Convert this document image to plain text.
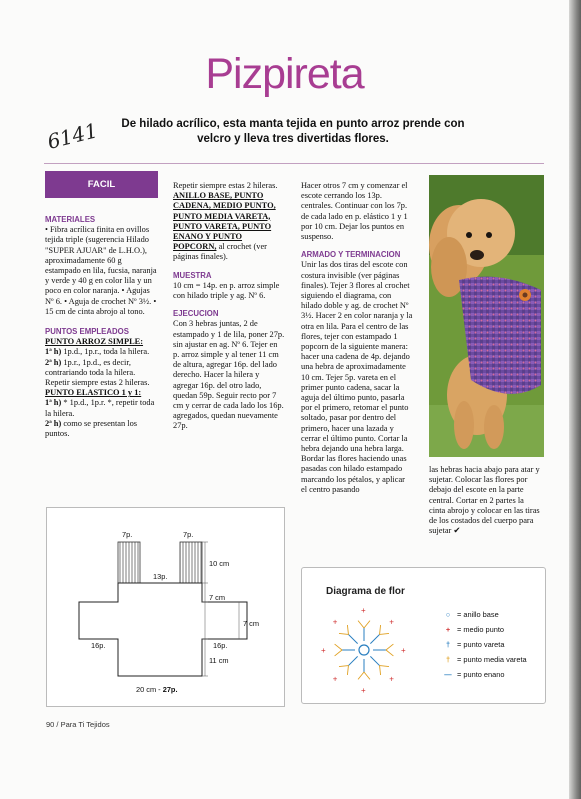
Pizpireta
De hilado acrílico, esta manta tejida en punto arroz prende con velcro y lleva tres divertidas flores.
6141
FACIL

MATERIALES

• Fibra acrílica finita en ovillos tejida triple (sugerencia Hilado "SUPER AJUAR" de L.H.O.), aproximadamente 60 g estampado en lila, fucsia, naranja y verde y 40 g en color lila y un poco en color naranja. • Agujas Nº 6. • Aguja de crochet Nº 3½. • 15 cm de cinta abrojo al tono.

PUNTOS EMPLEADOS

PUNTO ARROZ SIMPLE:

1ª h) 1p.d., 1p.r., toda la hilera.

2ª h) 1p.r., 1p.d., es decir, contrariando toda la hilera. Repetir siempre estas 2 hileras.

PUNTO ELASTICO 1 y 1:

1ª h) * 1p.d., 1p.r. *, repetir toda la hilera.

2ª h) como se presentan los puntos.

Repetir siempre estas 2 hileras.

ANILLO BASE, PUNTO CADENA, MEDIO PUNTO, PUNTO MEDIA VARETA, PUNTO VARETA, PUNTO ENANO Y PUNTO POPCORN, al crochet (ver páginas finales).

MUESTRA

10 cm = 14p. en p. arroz simple con hilado triple y ag. Nº 6.

EJECUCION

Con 3 hebras juntas, 2 de estampado y 1 de lila, poner 27p. sin ajustar en ag. Nº 6. Tejer en p. arroz simple y al tener 11 cm de altura, agregar 16p. del lado derecho. Hacer la hilera y agregar 16p. del otro lado, quedan 59p. Seguir recto por 7 cm y cerrar de cada lado los 16p. agregados, quedan nuevamente 27p.

Hacer otros 7 cm y comenzar el escote cerrando los 13p. centrales. Continuar con los 7p. de cada lado en p. elástico 1 y 1 por 10 cm. Dejar los puntos en suspenso.

ARMADO Y TERMINACION

Unir las dos tiras del escote con costura invisible (ver páginas finales). Tejer 3 flores al crochet siguiendo el diagrama, con hilado doble y ag. de crochet Nº 3½. Hacer 2 en color naranja y la otra en lila. Para el centro de las flores, tejer con estampado 1 popcorn de la siguiente manera: hacer una cadena de 4p. dejando una hebra de aproximadamente 10 cm. Tejer 5p. vareta en el primer punto cadena, sacar la aguja del último punto, pasarla por el primero, retomar el punto soltado, pasar por dentro del primero, hacer una lazada y cerrar el último punto. Cortar la hebra dejando una hebra larga. Bordar las flores haciendo unas pasadas con hilado estampado marcando los pétalos, y aplicar el centro pasando

las hebras hacia abajo para atar y sujetar. Colocar las flores por debajo del escote en la parte central. Cortar en 2 partes la cinta abrojo y colocar en las tiras de los costados del cuerpo para sujetar ✔

7p.	7p.
13p.
16p.	16p.
10 cm
7 cm
7 cm
11 cm
20 cm - 27p.
Diagrama de flor
+
+
+
+
+
+
+
+
○ = anillo base
+ = medio punto
† = punto vareta
† = punto media vareta
— = punto enano
90 / Para Ti Tejidos
